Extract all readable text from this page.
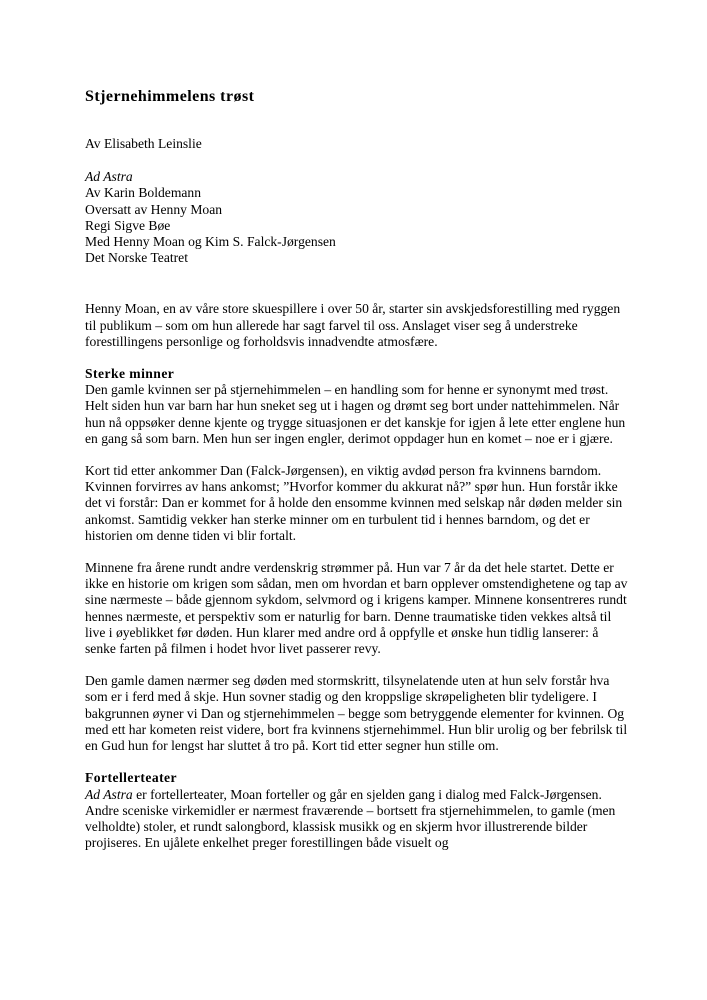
Stjernehimmelens trøst

Av Elisabeth Leinslie

Ad Astra

Av Karin Boldemann

Oversatt av Henny Moan

Regi Sigve Bøe

Med Henny Moan og Kim S. Falck-Jørgensen

Det Norske Teatret

Henny Moan, en av våre store skuespillere i over 50 år, starter sin avskjedsforestilling med ryggen til publikum – som om hun allerede har sagt farvel til oss. Anslaget viser seg å understreke forestillingens personlige og forholdsvis innadvendte atmosfære.

Sterke minner

Den gamle kvinnen ser på stjernehimmelen – en handling som for henne er synonymt med trøst. Helt siden hun var barn har hun sneket seg ut i hagen og drømt seg bort under nattehimmelen. Når hun nå oppsøker denne kjente og trygge situasjonen er det kanskje for igjen å lete etter englene hun en gang så som barn. Men hun ser ingen engler, derimot oppdager hun en komet – noe er i gjære.

Kort tid etter ankommer Dan (Falck-Jørgensen), en viktig avdød person fra kvinnens barndom. Kvinnen forvirres av hans ankomst; ”Hvorfor kommer du akkurat nå?” spør hun. Hun forstår ikke det vi forstår: Dan er kommet for å holde den ensomme kvinnen med selskap når døden melder sin ankomst. Samtidig vekker han sterke minner om en turbulent tid i hennes barndom, og det er historien om denne tiden vi blir fortalt.

Minnene fra årene rundt andre verdenskrig strømmer på. Hun var 7 år da det hele startet. Dette er ikke en historie om krigen som sådan, men om hvordan et barn opplever omstendighetene og tap av sine nærmeste – både gjennom sykdom, selvmord og i krigens kamper. Minnene konsentreres rundt hennes nærmeste, et perspektiv som er naturlig for barn. Denne traumatiske tiden vekkes altså til live i øyeblikket før døden. Hun klarer med andre ord å oppfylle et ønske hun tidlig lanserer: å senke farten på filmen i hodet hvor livet passerer revy.

Den gamle damen nærmer seg døden med stormskritt, tilsynelatende uten at hun selv forstår hva som er i ferd med å skje. Hun sovner stadig og den kroppslige skrøpeligheten blir tydeligere. I bakgrunnen øyner vi Dan og stjernehimmelen – begge som betryggende elementer for kvinnen. Og med ett har kometen reist videre, bort fra kvinnens stjernehimmel. Hun blir urolig og ber febrilsk til en Gud hun for lengst har sluttet å tro på. Kort tid etter segner hun stille om.

Fortellerteater

Ad Astra er fortellerteater, Moan forteller og går en sjelden gang i dialog med Falck-Jørgensen. Andre sceniske virkemidler er nærmest fraværende – bortsett fra stjernehimmelen, to gamle (men velholdte) stoler, et rundt salongbord, klassisk musikk og en skjerm hvor illustrerende bilder projiseres. En ujålete enkelhet preger forestillingen både visuelt og
